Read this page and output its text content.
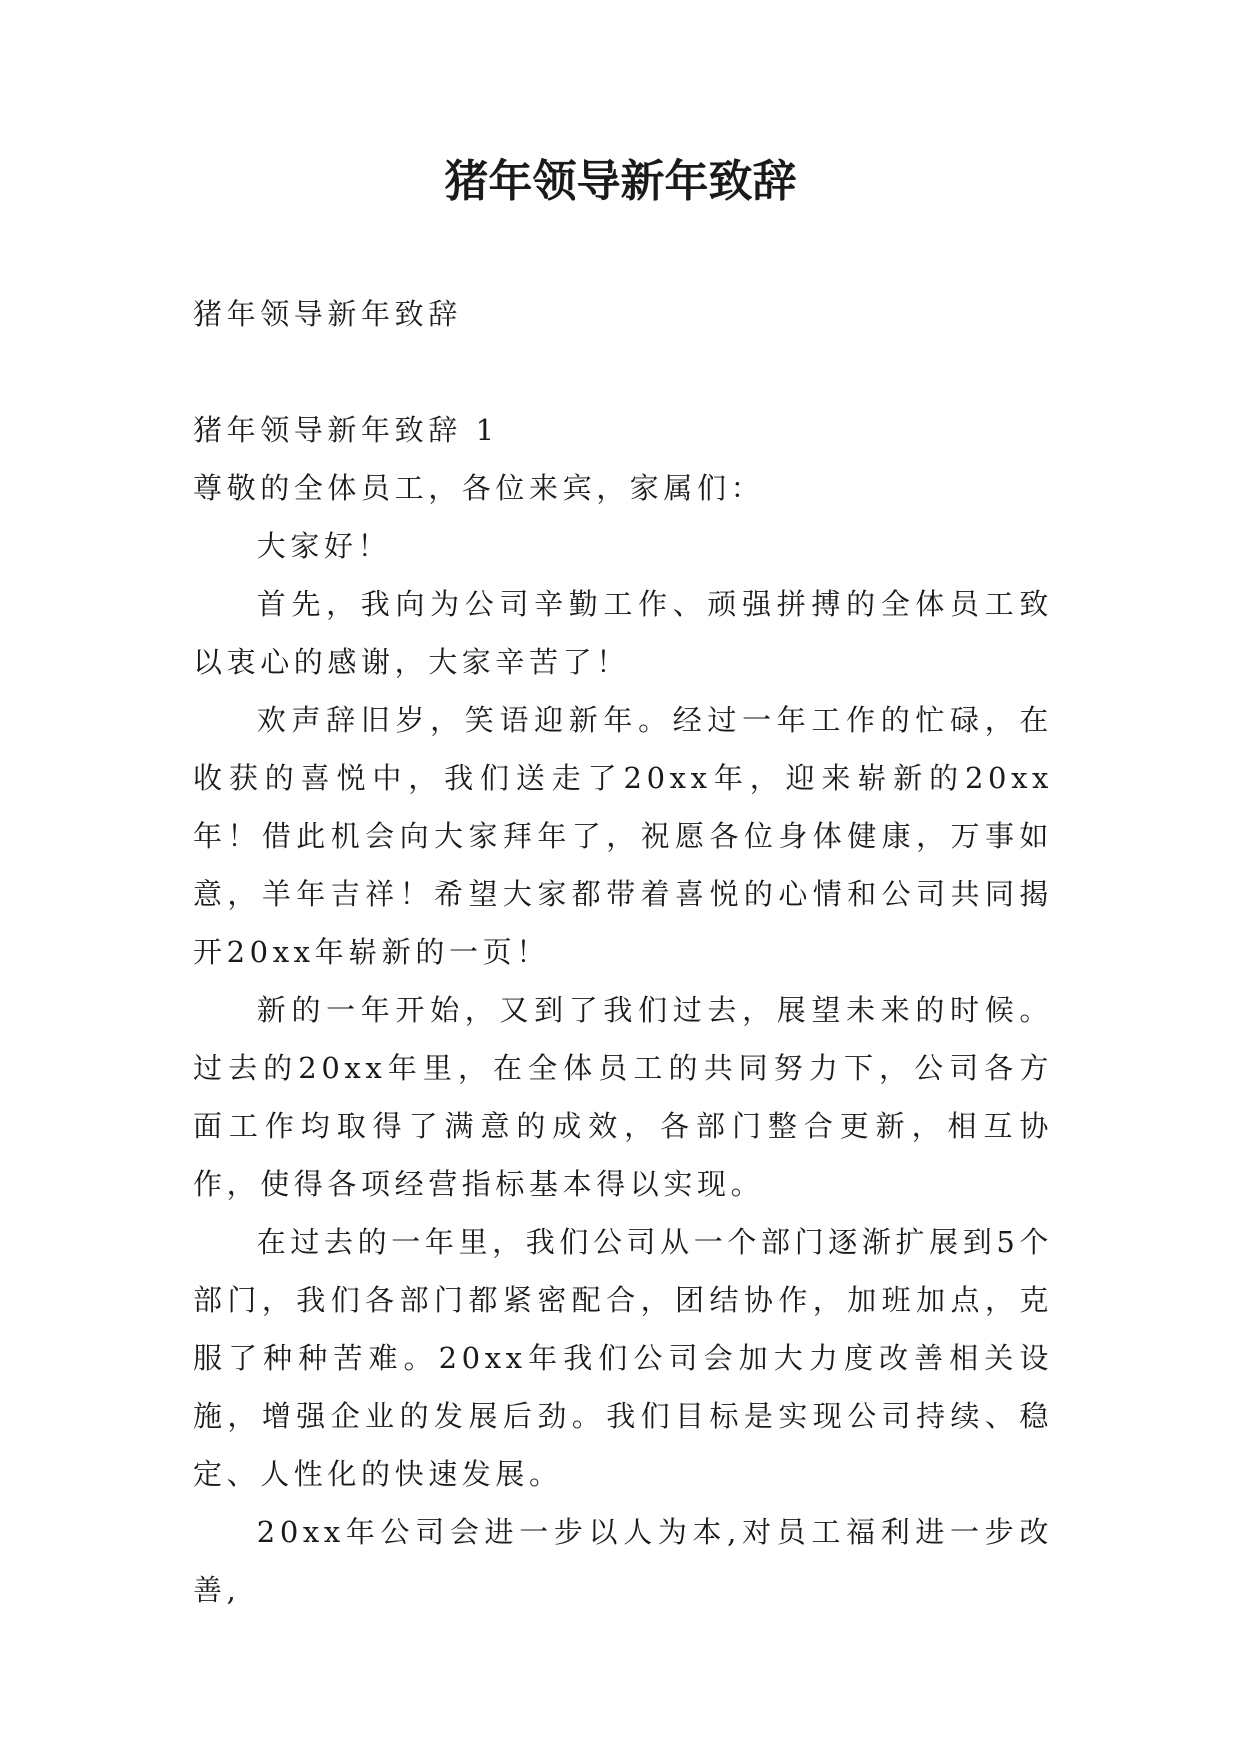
猪年领导新年致辞

猪年领导新年致辞

猪年领导新年致辞 1

尊敬的全体员工，各位来宾，家属们：

大家好！

首先，我向为公司辛勤工作、顽强拼搏的全体员工致以衷心的感谢，大家辛苦了！

欢声辞旧岁，笑语迎新年。经过一年工作的忙碌，在收获的喜悦中，我们送走了20xx年，迎来崭新的20xx年！借此机会向大家拜年了，祝愿各位身体健康，万事如意，羊年吉祥！希望大家都带着喜悦的心情和公司共同揭开20xx年崭新的一页！

新的一年开始，又到了我们过去，展望未来的时候。过去的20xx年里，在全体员工的共同努力下，公司各方面工作均取得了满意的成效，各部门整合更新，相互协作，使得各项经营指标基本得以实现。

在过去的一年里，我们公司从一个部门逐渐扩展到5个部门，我们各部门都紧密配合，团结协作，加班加点，克服了种种苦难。20xx年我们公司会加大力度改善相关设施，增强企业的发展后劲。我们目标是实现公司持续、稳定、人性化的快速发展。

20xx年公司会进一步以人为本,对员工福利进一步改善,
